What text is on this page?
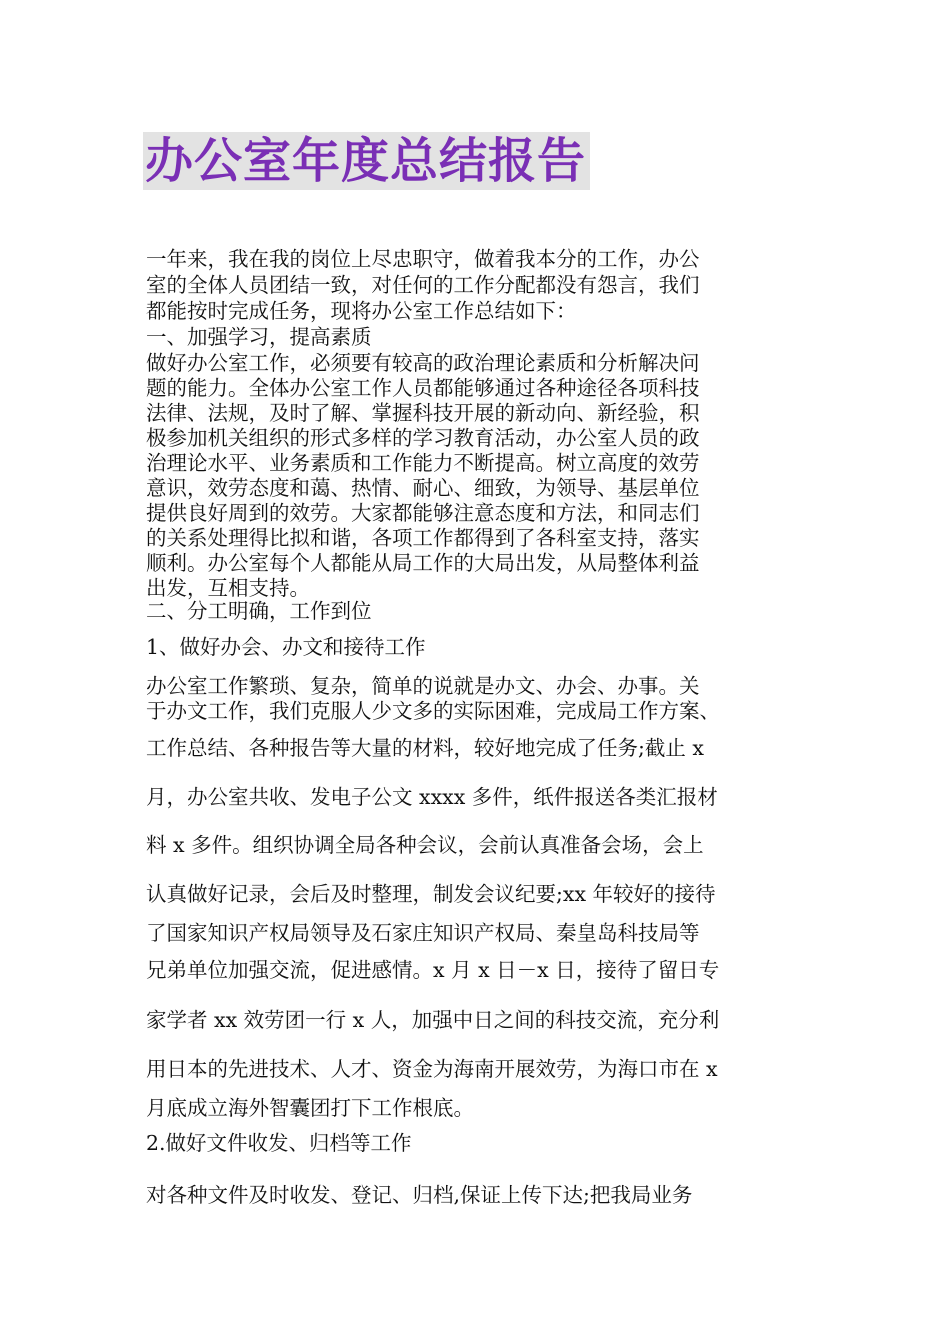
办公室年度总结报告
一年来，我在我的岗位上尽忠职守，做着我本分的工作，办公
室的全体人员团结一致，对任何的工作分配都没有怨言，我们
都能按时完成任务，现将办公室工作总结如下：
一、加强学习，提高素质
做好办公室工作，必须要有较高的政治理论素质和分析解决问
题的能力。全体办公室工作人员都能够通过各种途径各项科技
法律、法规，及时了解、掌握科技开展的新动向、新经验，积
极参加机关组织的形式多样的学习教育活动，办公室人员的政
治理论水平、业务素质和工作能力不断提高。树立高度的效劳
意识，效劳态度和蔼、热情、耐心、细致，为领导、基层单位
提供良好周到的效劳。大家都能够注意态度和方法，和同志们
的关系处理得比拟和谐，各项工作都得到了各科室支持，落实
顺利。办公室每个人都能从局工作的大局出发，从局整体利益
出发，互相支持。
二、分工明确，工作到位
1、做好办会、办文和接待工作
办公室工作繁琐、复杂，简单的说就是办文、办会、办事。关
于办文工作，我们克服人少文多的实际困难，完成局工作方案、
工作总结、各种报告等大量的材料，较好地完成了任务;截止 x
月，办公室共收、发电子公文 xxxx 多件，纸件报送各类汇报材
料 x 多件。组织协调全局各种会议，会前认真准备会场，会上
认真做好记录，会后及时整理，制发会议纪要;xx 年较好的接待
了国家知识产权局领导及石家庄知识产权局、秦皇岛科技局等
兄弟单位加强交流，促进感情。x 月 x 日－x 日，接待了留日专
家学者 xx 效劳团一行 x 人，加强中日之间的科技交流，充分利
用日本的先进技术、人才、资金为海南开展效劳，为海口市在 x
月底成立海外智囊团打下工作根底。
2.做好文件收发、归档等工作
对各种文件及时收发、登记、归档,保证上传下达;把我局业务
